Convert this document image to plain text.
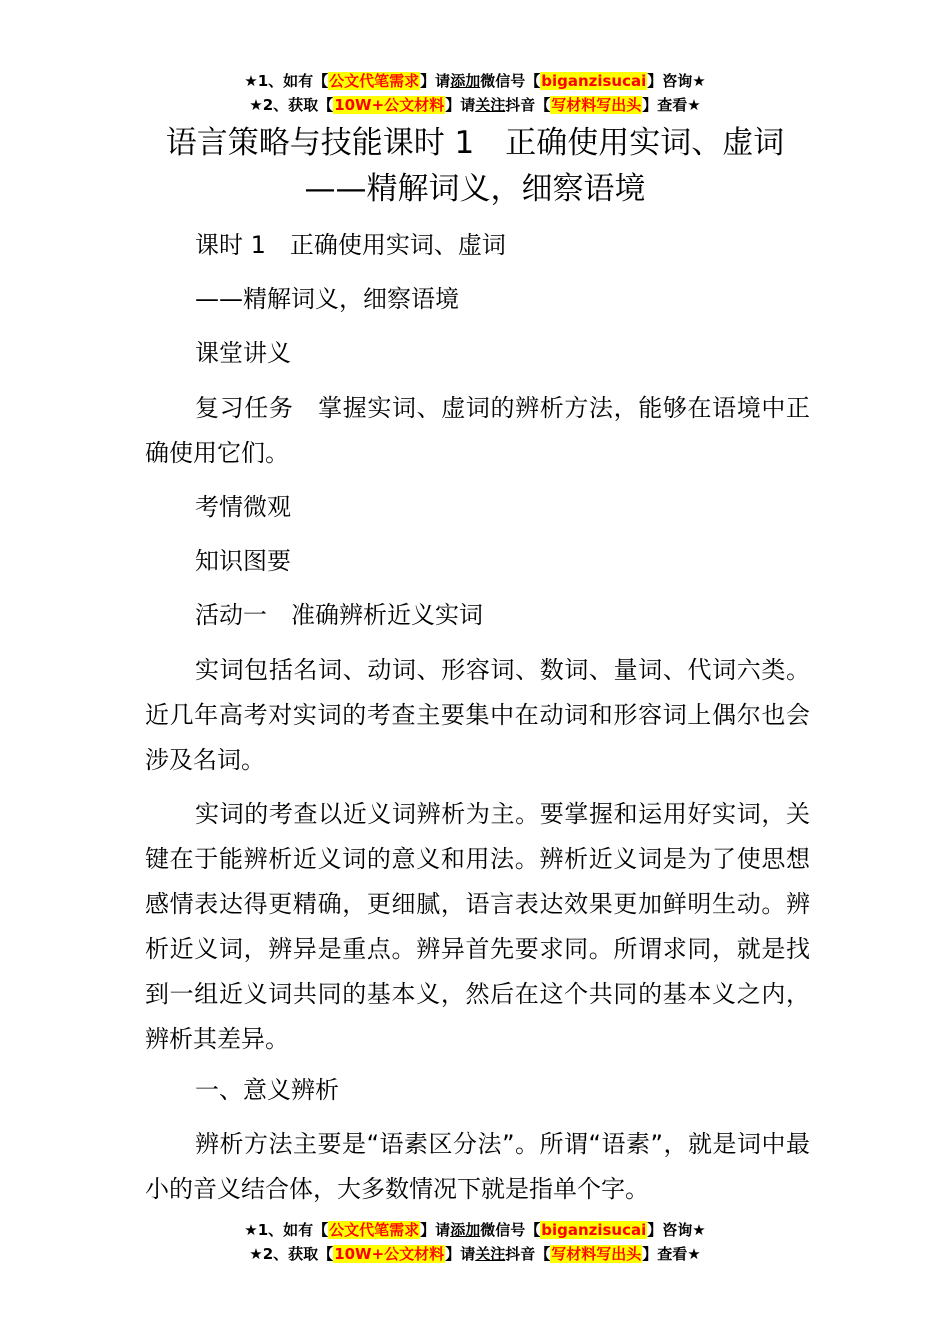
★1、如有【公文代笔需求】请添加微信号【biganzisucai】咨询★
★2、获取【10W+公文材料】请关注抖音【写材料写出头】查看★
语言策略与技能课时 1　正确使用实词、虚词
——精解词义，细察语境
课时 1　正确使用实词、虚词
——精解词义，细察语境
课堂讲义
复习任务　掌握实词、虚词的辨析方法，能够在语境中正确使用它们。
考情微观
知识图要
活动一　准确辨析近义实词
实词包括名词、动词、形容词、数词、量词、代词六类。近几年高考对实词的考查主要集中在动词和形容词上偶尔也会涉及名词。
实词的考查以近义词辨析为主。要掌握和运用好实词，关键在于能辨析近义词的意义和用法。辨析近义词是为了使思想感情表达得更精确，更细腻，语言表达效果更加鲜明生动。辨析近义词，辨异是重点。辨异首先要求同。所谓求同，就是找到一组近义词共同的基本义，然后在这个共同的基本义之内，辨析其差异。
一、意义辨析
辨析方法主要是“语素区分法”。所谓“语素”，就是词中最小的音义结合体，大多数情况下就是指单个字。
★1、如有【公文代笔需求】请添加微信号【biganzisucai】咨询★
★2、获取【10W+公文材料】请关注抖音【写材料写出头】查看★
